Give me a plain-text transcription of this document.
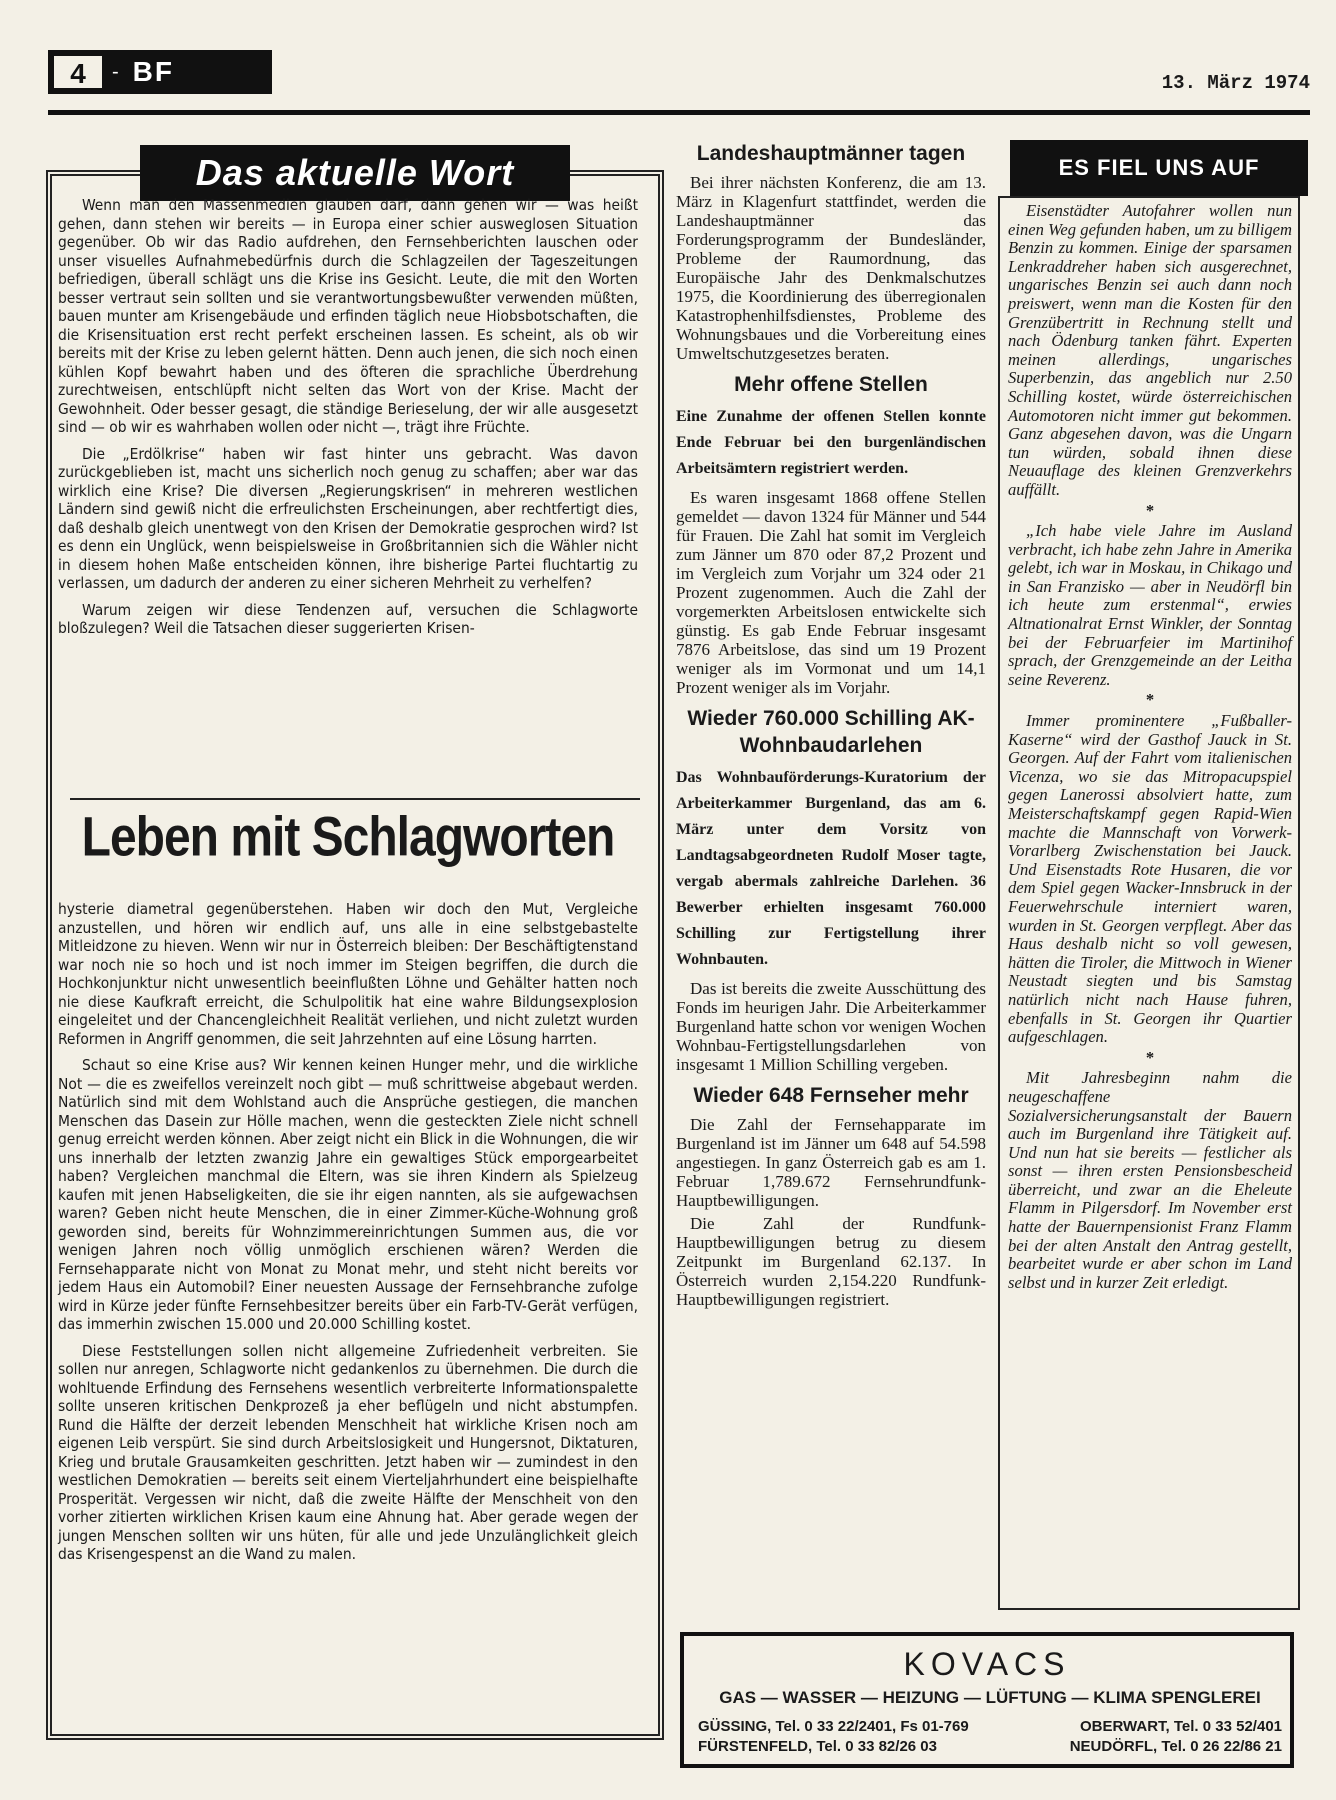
4	- BF	13. März 1974
Das aktuelle Wort

Wenn man den Massenmedien glauben darf, dann gehen wir — was heißt gehen, dann stehen wir bereits — in Europa einer schier ausweglosen Situation gegenüber. Ob wir das Radio aufdrehen, den Fernsehberichten lauschen oder unser visuelles Aufnahmebedürfnis durch die Schlagzeilen der Tageszeitungen befriedigen, überall schlägt uns die Krise ins Gesicht. Leute, die mit den Worten besser vertraut sein sollten und sie verantwortungsbewußter verwenden müßten, bauen munter am Krisengebäude und erfinden täglich neue Hiobsbotschaften, die die Krisensituation erst recht perfekt erscheinen lassen. Es scheint, als ob wir bereits mit der Krise zu leben gelernt hätten. Denn auch jenen, die sich noch einen kühlen Kopf bewahrt haben und des öfteren die sprachliche Überdrehung zurechtweisen, entschlüpft nicht selten das Wort von der Krise. Macht der Gewohnheit. Oder besser gesagt, die ständige Berieselung, der wir alle ausgesetzt sind — ob wir es wahrhaben wollen oder nicht —, trägt ihre Früchte.

Die „Erdölkrise“ haben wir fast hinter uns gebracht. Was davon zurückgeblieben ist, macht uns sicherlich noch genug zu schaffen; aber war das wirklich eine Krise? Die diversen „Regierungskrisen“ in mehreren westlichen Ländern sind gewiß nicht die erfreulichsten Erscheinungen, aber rechtfertigt dies, daß deshalb gleich unentwegt von den Krisen der Demokratie gesprochen wird? Ist es denn ein Unglück, wenn beispielsweise in Großbritannien sich die Wähler nicht in diesem hohen Maße entscheiden können, ihre bisherige Partei fluchtartig zu verlassen, um dadurch der anderen zu einer sicheren Mehrheit zu verhelfen?

Warum zeigen wir diese Tendenzen auf, versuchen die Schlagworte bloßzulegen? Weil die Tatsachen dieser suggerierten Krisen-

Leben mit Schlagworten

hysterie diametral gegenüberstehen. Haben wir doch den Mut, Vergleiche anzustellen, und hören wir endlich auf, uns alle in eine selbstgebastelte Mitleidzone zu hieven. Wenn wir nur in Österreich bleiben: Der Beschäftigtenstand war noch nie so hoch und ist noch immer im Steigen begriffen, die durch die Hochkonjunktur nicht unwesentlich beeinflußten Löhne und Gehälter hatten noch nie diese Kaufkraft erreicht, die Schulpolitik hat eine wahre Bildungsexplosion eingeleitet und der Chancengleichheit Realität verliehen, und nicht zuletzt wurden Reformen in Angriff genommen, die seit Jahrzehnten auf eine Lösung harrten.

Schaut so eine Krise aus? Wir kennen keinen Hunger mehr, und die wirkliche Not — die es zweifellos vereinzelt noch gibt — muß schrittweise abgebaut werden. Natürlich sind mit dem Wohlstand auch die Ansprüche gestiegen, die manchen Menschen das Dasein zur Hölle machen, wenn die gesteckten Ziele nicht schnell genug erreicht werden können. Aber zeigt nicht ein Blick in die Wohnungen, die wir uns innerhalb der letzten zwanzig Jahre ein gewaltiges Stück emporgearbeitet haben? Vergleichen manchmal die Eltern, was sie ihren Kindern als Spielzeug kaufen mit jenen Habseligkeiten, die sie ihr eigen nannten, als sie aufgewachsen waren? Geben nicht heute Menschen, die in einer Zimmer-Küche-Wohnung groß geworden sind, bereits für Wohnzimmereinrichtungen Summen aus, die vor wenigen Jahren noch völlig unmöglich erschienen wären? Werden die Fernsehapparate nicht von Monat zu Monat mehr, und steht nicht bereits vor jedem Haus ein Automobil? Einer neuesten Aussage der Fernsehbranche zufolge wird in Kürze jeder fünfte Fernsehbesitzer bereits über ein Farb-TV-Gerät verfügen, das immerhin zwischen 15.000 und 20.000 Schilling kostet.

Diese Feststellungen sollen nicht allgemeine Zufriedenheit verbreiten. Sie sollen nur anregen, Schlagworte nicht gedankenlos zu übernehmen. Die durch die wohltuende Erfindung des Fernsehens wesentlich verbreiterte Informationspalette sollte unseren kritischen Denkprozeß ja eher beflügeln und nicht abstumpfen. Rund die Hälfte der derzeit lebenden Menschheit hat wirkliche Krisen noch am eigenen Leib verspürt. Sie sind durch Arbeitslosigkeit und Hungersnot, Diktaturen, Krieg und brutale Grausamkeiten geschritten. Jetzt haben wir — zumindest in den westlichen Demokratien — bereits seit einem Vierteljahrhundert eine beispielhafte Prosperität. Vergessen wir nicht, daß die zweite Hälfte der Menschheit von den vorher zitierten wirklichen Krisen kaum eine Ahnung hat. Aber gerade wegen der jungen Menschen sollten wir uns hüten, für alle und jede Unzulänglichkeit gleich das Krisengespenst an die Wand zu malen.

Landeshauptmänner tagen

Bei ihrer nächsten Konferenz, die am 13. März in Klagenfurt stattfindet, werden die Landeshauptmänner das Forderungsprogramm der Bundesländer, Probleme der Raumordnung, das Europäische Jahr des Denkmalschutzes 1975, die Koordinierung des überregionalen Katastrophenhilfsdienstes, Probleme des Wohnungsbaues und die Vorbereitung eines Umweltschutzgesetzes beraten.

Mehr offene Stellen
Eine Zunahme der offenen Stellen konnte Ende Februar bei den burgenländischen Arbeitsämtern registriert werden.

Es waren insgesamt 1868 offene Stellen gemeldet — davon 1324 für Männer und 544 für Frauen. Die Zahl hat somit im Vergleich zum Jänner um 870 oder 87,2 Prozent und im Vergleich zum Vorjahr um 324 oder 21 Prozent zugenommen. Auch die Zahl der vorgemerkten Arbeitslosen entwickelte sich günstig. Es gab Ende Februar insgesamt 7876 Arbeitslose, das sind um 19 Prozent weniger als im Vormonat und um 14,1 Prozent weniger als im Vorjahr.

Wieder 760.000 Schilling AK-Wohnbaudarlehen
Das Wohnbauförderungs-Kuratorium der Arbeiterkammer Burgenland, das am 6. März unter dem Vorsitz von Landtagsabgeordneten Rudolf Moser tagte, vergab abermals zahlreiche Darlehen. 36 Bewerber erhielten insgesamt 760.000 Schilling zur Fertigstellung ihrer Wohnbauten.

Das ist bereits die zweite Ausschüttung des Fonds im heurigen Jahr. Die Arbeiterkammer Burgenland hatte schon vor wenigen Wochen Wohnbau-Fertigstellungsdarlehen von insgesamt 1 Million Schilling vergeben.

Wieder 648 Fernseher mehr

Die Zahl der Fernsehapparate im Burgenland ist im Jänner um 648 auf 54.598 angestiegen. In ganz Österreich gab es am 1. Februar 1,789.672 Fernsehrundfunk-Hauptbewilligungen.

Die Zahl der Rundfunk-Hauptbewilligungen betrug zu diesem Zeitpunkt im Burgenland 62.137. In Österreich wurden 2,154.220 Rundfunk-Hauptbewilligungen registriert.

ES FIEL UNS AUF

Eisenstädter Autofahrer wollen nun einen Weg gefunden haben, um zu billigem Benzin zu kommen. Einige der sparsamen Lenkraddreher haben sich ausgerechnet, ungarisches Benzin sei auch dann noch preiswert, wenn man die Kosten für den Grenzübertritt in Rechnung stellt und nach Ödenburg tanken fährt. Experten meinen allerdings, ungarisches Superbenzin, das angeblich nur 2.50 Schilling kostet, würde österreichischen Automotoren nicht immer gut bekommen. Ganz abgesehen davon, was die Ungarn tun würden, sobald ihnen diese Neuauflage des kleinen Grenzverkehrs auffällt.

*

„Ich habe viele Jahre im Ausland verbracht, ich habe zehn Jahre in Amerika gelebt, ich war in Moskau, in Chikago und in San Franzisko — aber in Neudörfl bin ich heute zum erstenmal“, erwies Altnationalrat Ernst Winkler, der Sonntag bei der Februarfeier im Martinihof sprach, der Grenzgemeinde an der Leitha seine Reverenz.

*

Immer prominentere „Fußballer-Kaserne“ wird der Gasthof Jauck in St. Georgen. Auf der Fahrt vom italienischen Vicenza, wo sie das Mitropacupspiel gegen Lanerossi absolviert hatte, zum Meisterschaftskampf gegen Rapid-Wien machte die Mannschaft von Vorwerk-Vorarlberg Zwischenstation bei Jauck. Und Eisenstadts Rote Husaren, die vor dem Spiel gegen Wacker-Innsbruck in der Feuerwehrschule interniert waren, wurden in St. Georgen verpflegt. Aber das Haus deshalb nicht so voll gewesen, hätten die Tiroler, die Mittwoch in Wiener Neustadt siegten und bis Samstag natürlich nicht nach Hause fuhren, ebenfalls in St. Georgen ihr Quartier aufgeschlagen.

*

Mit Jahresbeginn nahm die neugeschaffene Sozialversicherungsanstalt der Bauern auch im Burgenland ihre Tätigkeit auf. Und nun hat sie bereits — festlicher als sonst — ihren ersten Pensionsbescheid überreicht, und zwar an die Eheleute Flamm in Pilgersdorf. Im November erst hatte der Bauernpensionist Franz Flamm bei der alten Anstalt den Antrag gestellt, bearbeitet wurde er aber schon im Land selbst und in kurzer Zeit erledigt.

KOVACS
GAS — WASSER — HEIZUNG — LÜFTUNG — KLIMA SPENGLEREI
GÜSSING, Tel. 0 33 22/2401, Fs 01-769	OBERWART, Tel. 0 33 52/401
FÜRSTENFELD, Tel. 0 33 82/26 03	NEUDÖRFL, Tel. 0 26 22/86 21
